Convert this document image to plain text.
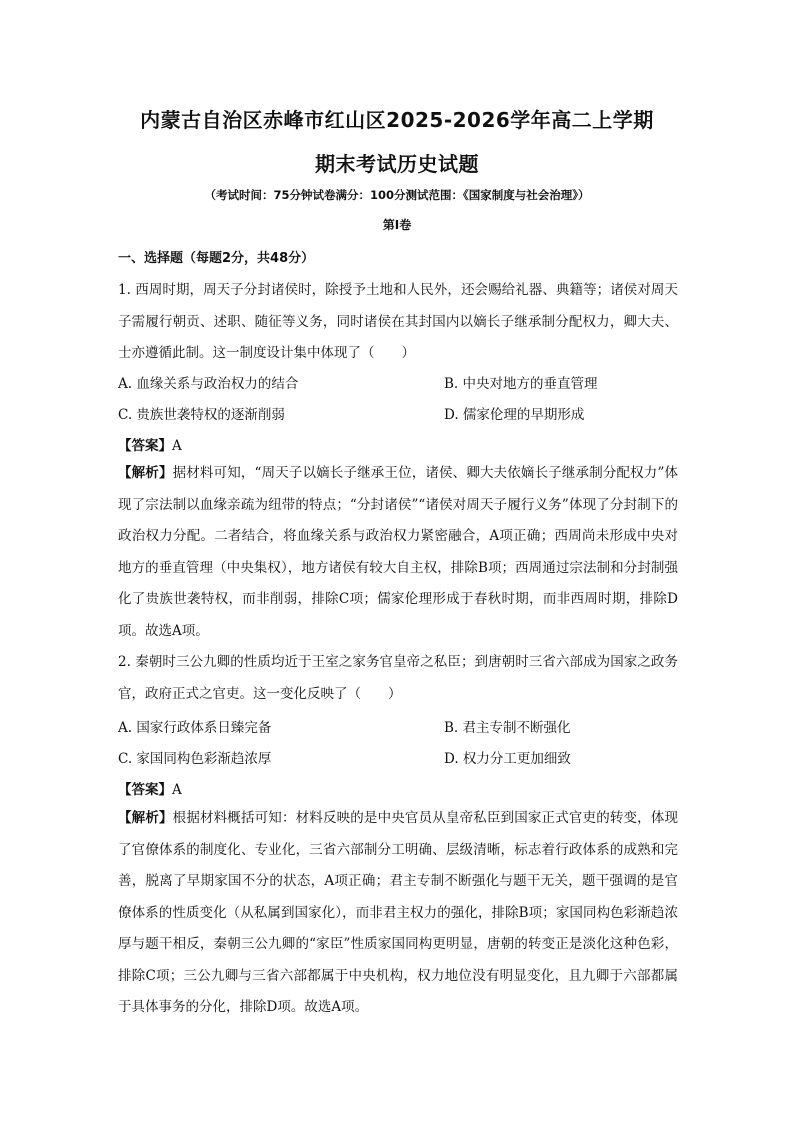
内蒙古自治区赤峰市红山区2025-2026学年高二上学期
期末考试历史试题
（考试时间：75分钟试卷满分：100分测试范围：《国家制度与社会治理》）
第I卷
一、选择题（每题2分，共48分）
1. 西周时期，周天子分封诸侯时，除授予土地和人民外，还会赐给礼器、典籍等；诸侯对周天子需履行朝贡、述职、随征等义务，同时诸侯在其封国内以嫡长子继承制分配权力，卿大夫、士亦遵循此制。这一制度设计集中体现了（　　）
A. 血缘关系与政治权力的结合	B. 中央对地方的垂直管理
C. 贵族世袭特权的逐渐削弱	D. 儒家伦理的早期形成
【答案】A
【解析】据材料可知，“周天子以嫡长子继承王位，诸侯、卿大夫依嫡长子继承制分配权力”体现了宗法制以血缘亲疏为纽带的特点；“分封诸侯”“诸侯对周天子履行义务”体现了分封制下的政治权力分配。二者结合，将血缘关系与政治权力紧密融合，A项正确；西周尚未形成中央对地方的垂直管理（中央集权），地方诸侯有较大自主权，排除B项；西周通过宗法制和分封制强化了贵族世袭特权，而非削弱，排除C项；儒家伦理形成于春秋时期，而非西周时期，排除D项。故选A项。
2. 秦朝时三公九卿的性质均近于王室之家务官皇帝之私臣；到唐朝时三省六部成为国家之政务官，政府正式之官吏。这一变化反映了（　　）
A. 国家行政体系日臻完备	B. 君主专制不断强化
C. 家国同构色彩渐趋浓厚	D. 权力分工更加细致
【答案】A
【解析】根据材料概括可知：材料反映的是中央官员从皇帝私臣到国家正式官吏的转变，体现了官僚体系的制度化、专业化，三省六部制分工明确、层级清晰，标志着行政体系的成熟和完善，脱离了早期家国不分的状态，A项正确；君主专制不断强化与题干无关，题干强调的是官僚体系的性质变化（从私属到国家化），而非君主权力的强化，排除B项；家国同构色彩渐趋浓厚与题干相反，秦朝三公九卿的“家臣”性质家国同构更明显，唐朝的转变正是淡化这种色彩，排除C项；三公九卿与三省六部都属于中央机构，权力地位没有明显变化，且九卿于六部都属于具体事务的分化，排除D项。故选A项。
